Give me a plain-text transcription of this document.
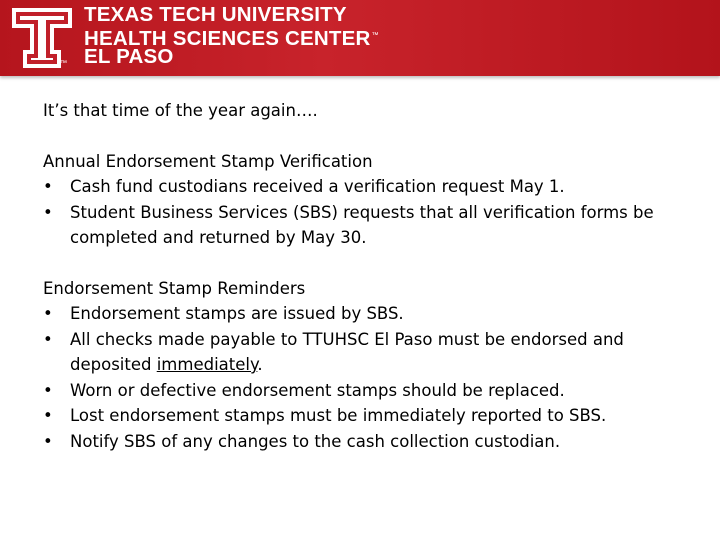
™
TEXAS TECH UNIVERSITY
HEALTH SCIENCES CENTER™
EL PASO

It’s that time of the year again….

Annual Endorsement Stamp Verification

• Cash fund custodians received a verification request May 1.
• Student Business Services (SBS) requests that all verification forms be completed and returned by May 30.

Endorsement Stamp Reminders

• Endorsement stamps are issued by SBS.
• All checks made payable to TTUHSC El Paso must be endorsed and deposited immediately.
• Worn or defective endorsement stamps should be replaced.
• Lost endorsement stamps must be immediately reported to SBS.
• Notify SBS of any changes to the cash collection custodian.
